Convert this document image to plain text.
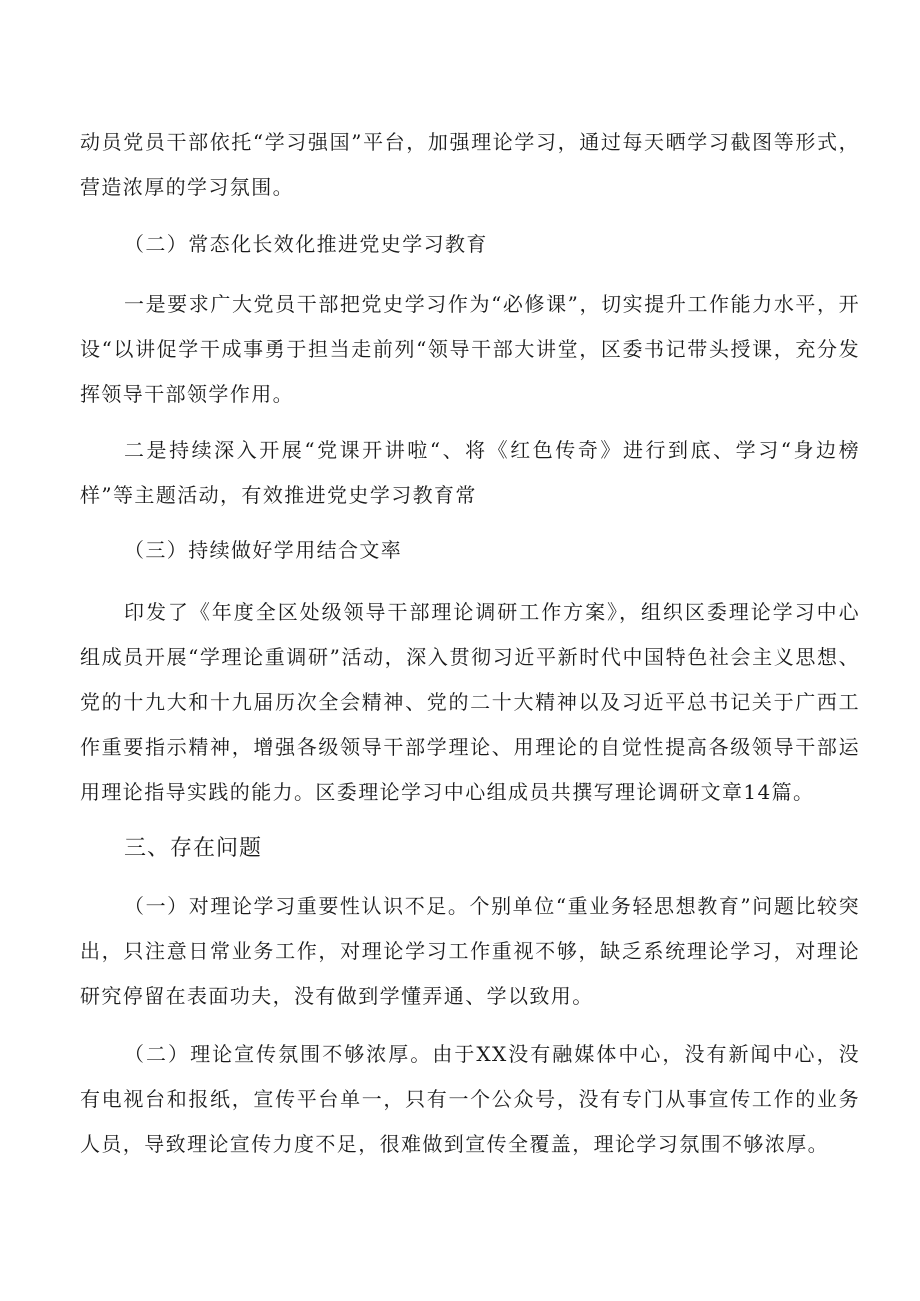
动员党员干部依托“学习强国”平台，加强理论学习，通过每天晒学习截图等形式，营造浓厚的学习氛围。

（二）常态化长效化推进党史学习教育

一是要求广大党员干部把党史学习作为“必修课”，切实提升工作能力水平，开设“以讲促学干成事勇于担当走前列“领导干部大讲堂，区委书记带头授课，充分发挥领导干部领学作用。

二是持续深入开展“党课开讲啦“、将《红色传奇》进行到底、学习“身边榜样”等主题活动，有效推进党史学习教育常

（三）持续做好学用结合文率

印发了《年度全区处级领导干部理论调研工作方案》，组织区委理论学习中心组成员开展“学理论重调研”活动，深入贯彻习近平新时代中国特色社会主义思想、党的十九大和十九届历次全会精神、党的二十大精神以及习近平总书记关于广西工作重要指示精神，增强各级领导干部学理论、用理论的自觉性提高各级领导干部运用理论指导实践的能力。区委理论学习中心组成员共撰写理论调研文章14篇。

三、存在问题

（一）对理论学习重要性认识不足。个别单位“重业务轻思想教育”问题比较突出，只注意日常业务工作，对理论学习工作重视不够，缺乏系统理论学习，对理论研究停留在表面功夫，没有做到学懂弄通、学以致用。

（二）理论宣传氛围不够浓厚。由于XX没有融媒体中心，没有新闻中心，没有电视台和报纸，宣传平台单一，只有一个公众号，没有专门从事宣传工作的业务人员，导致理论宣传力度不足，很难做到宣传全覆盖，理论学习氛围不够浓厚。
